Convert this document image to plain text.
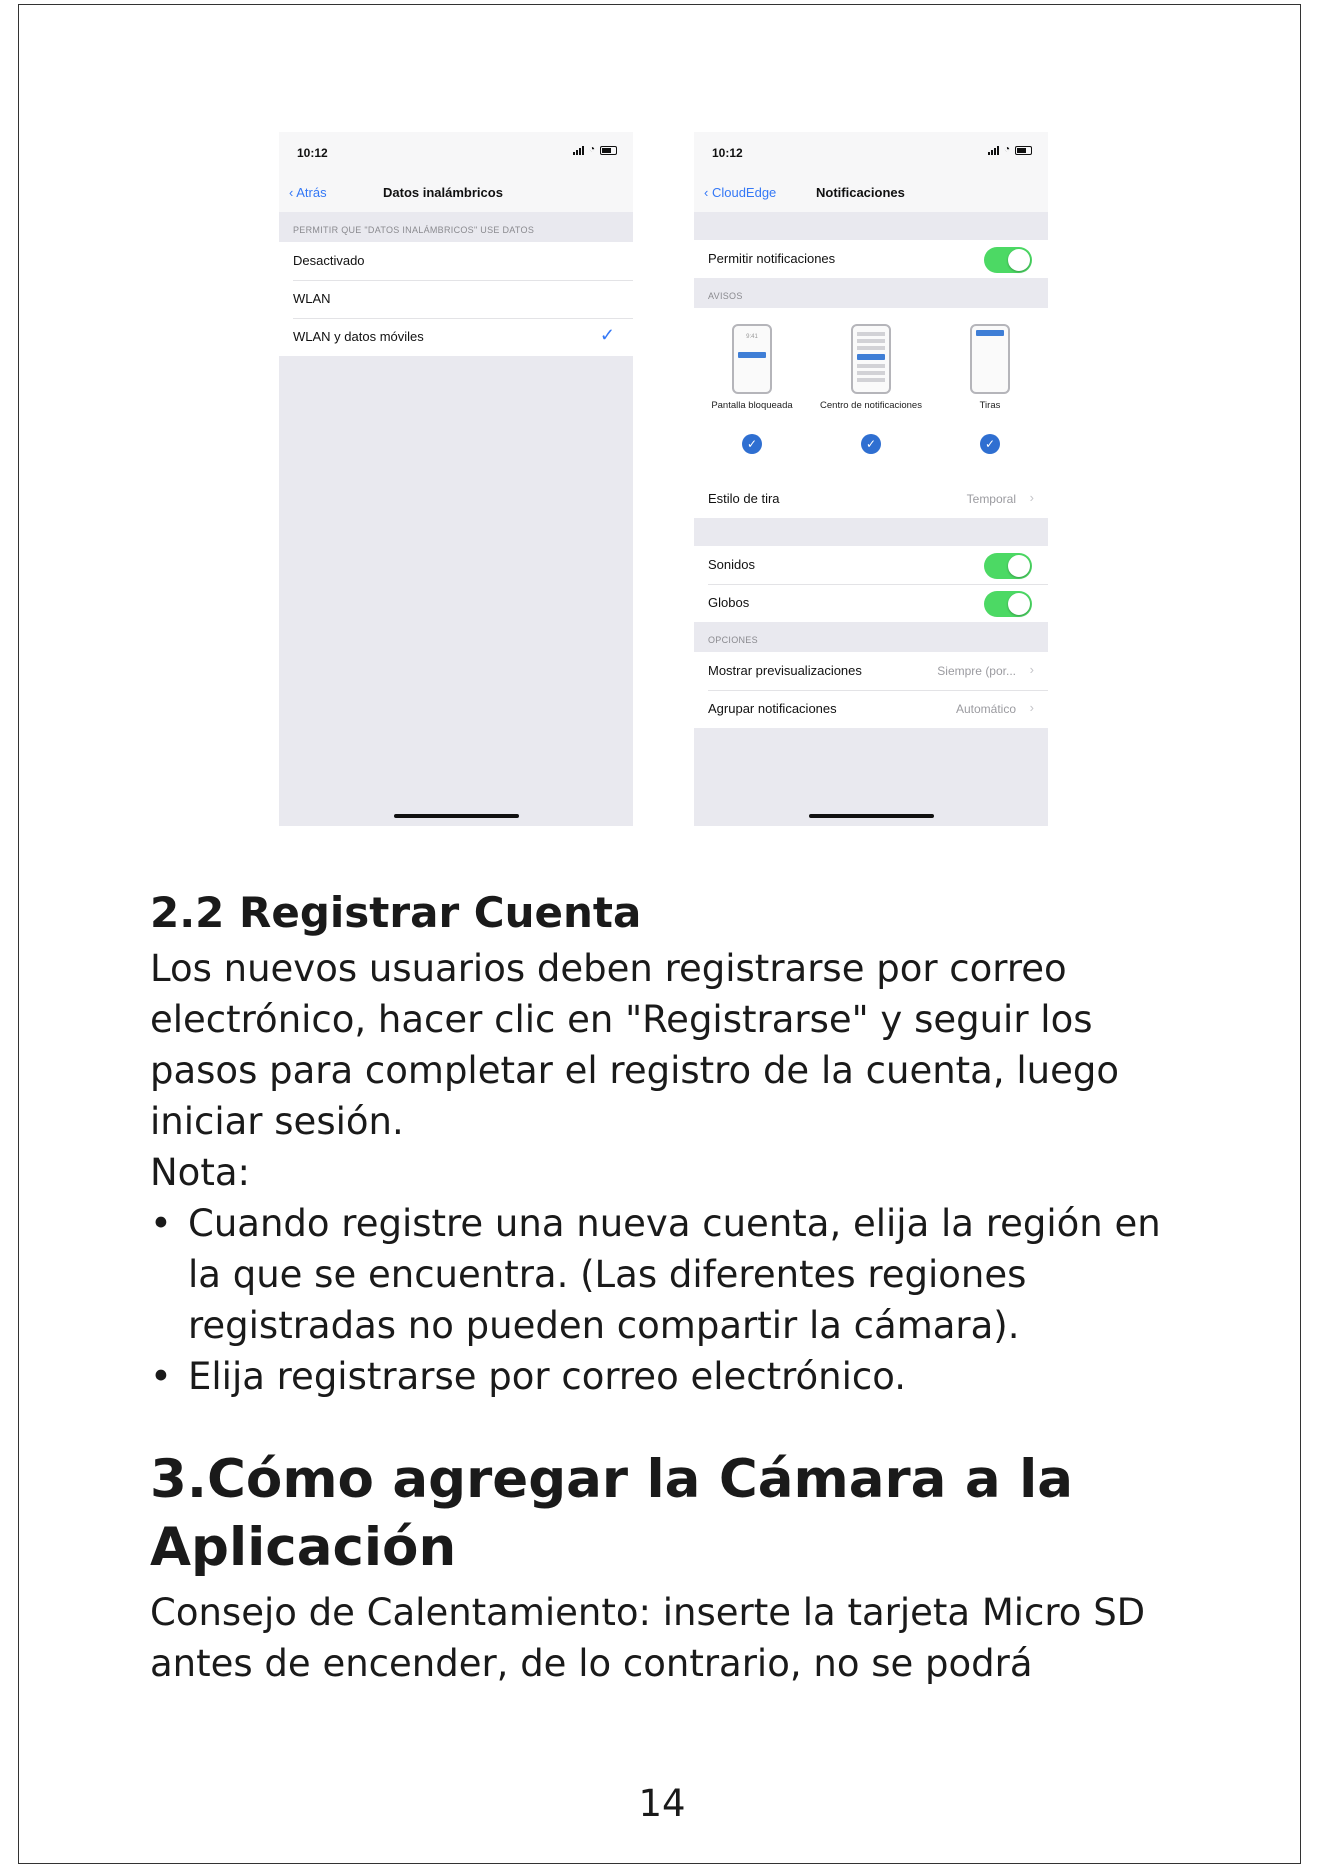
10:12	◔
‹ Atrás	Datos inalámbricos
PERMITIR QUE "DATOS INALÁMBRICOS" USE DATOS
Desactivado
WLAN
WLAN y datos móviles	✓
10:12	◔
‹ CloudEdge	Notificaciones
Permitir notificaciones
AVISOS
9:41
Pantalla bloqueada
✓
Centro de notificaciones
✓
Tiras
✓
Estilo de tira	Temporal ›
Sonidos
Globos
OPCIONES
Mostrar previsualizaciones	Siempre (por... ›
Agrupar notificaciones	Automático ›
2.2 Registrar Cuenta
Los nuevos usuarios deben registrarse por correo electrónico, hacer clic en "Registrarse" y seguir los pasos para completar el registro de la cuenta, luego iniciar sesión.
Nota:
• Cuando registre una nueva cuenta, elija la región en la que se encuentra. (Las diferentes regiones registradas no pueden compartir la cámara).
• Elija registrarse por correo electrónico.
3.Cómo agregar la Cámara a la Aplicación
Consejo de Calentamiento: inserte la tarjeta Micro SD antes de encender, de lo contrario, no se podrá
14
